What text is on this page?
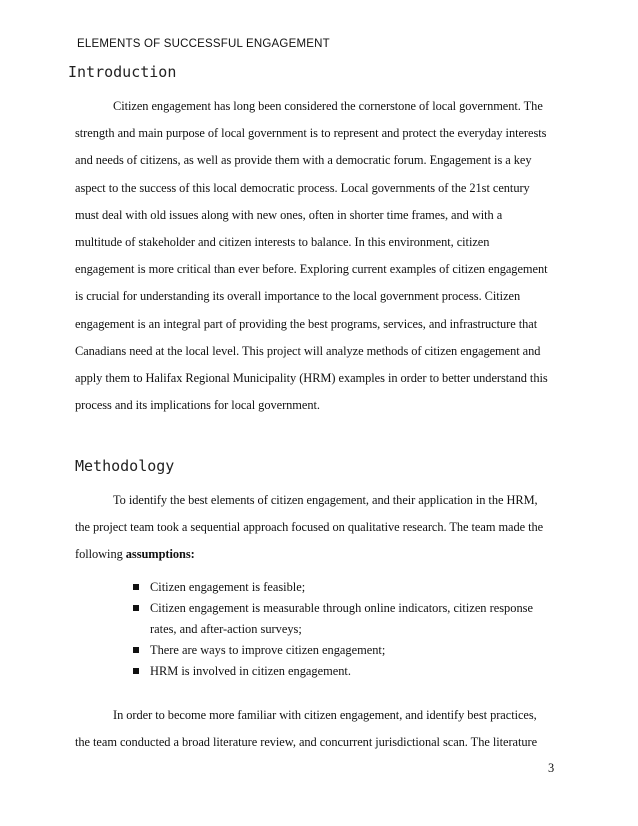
ELEMENTS OF SUCCESSFUL ENGAGEMENT
Introduction

Citizen engagement has long been considered the cornerstone of local government. The
strength and main purpose of local government is to represent and protect the everyday interests
and needs of citizens, as well as provide them with a democratic forum. Engagement is a key
aspect to the success of this local democratic process. Local governments of the 21st century
must deal with old issues along with new ones, often in shorter time frames, and with a
multitude of stakeholder and citizen interests to balance. In this environment, citizen
engagement is more critical than ever before. Exploring current examples of citizen engagement
is crucial for understanding its overall importance to the local government process. Citizen
engagement is an integral part of providing the best programs, services, and infrastructure that
Canadians need at the local level. This project will analyze methods of citizen engagement and
apply them to Halifax Regional Municipality (HRM) examples in order to better understand this
process and its implications for local government.

Methodology

To identify the best elements of citizen engagement, and their application in the HRM,
the project team took a sequential approach focused on qualitative research. The team made the
following assumptions:

Citizen engagement is feasible;
Citizen engagement is measurable through online indicators, citizen response
rates, and after-action surveys;
There are ways to improve citizen engagement;
HRM is involved in citizen engagement.

In order to become more familiar with citizen engagement, and identify best practices,
the team conducted a broad literature review, and concurrent jurisdictional scan. The literature

3
